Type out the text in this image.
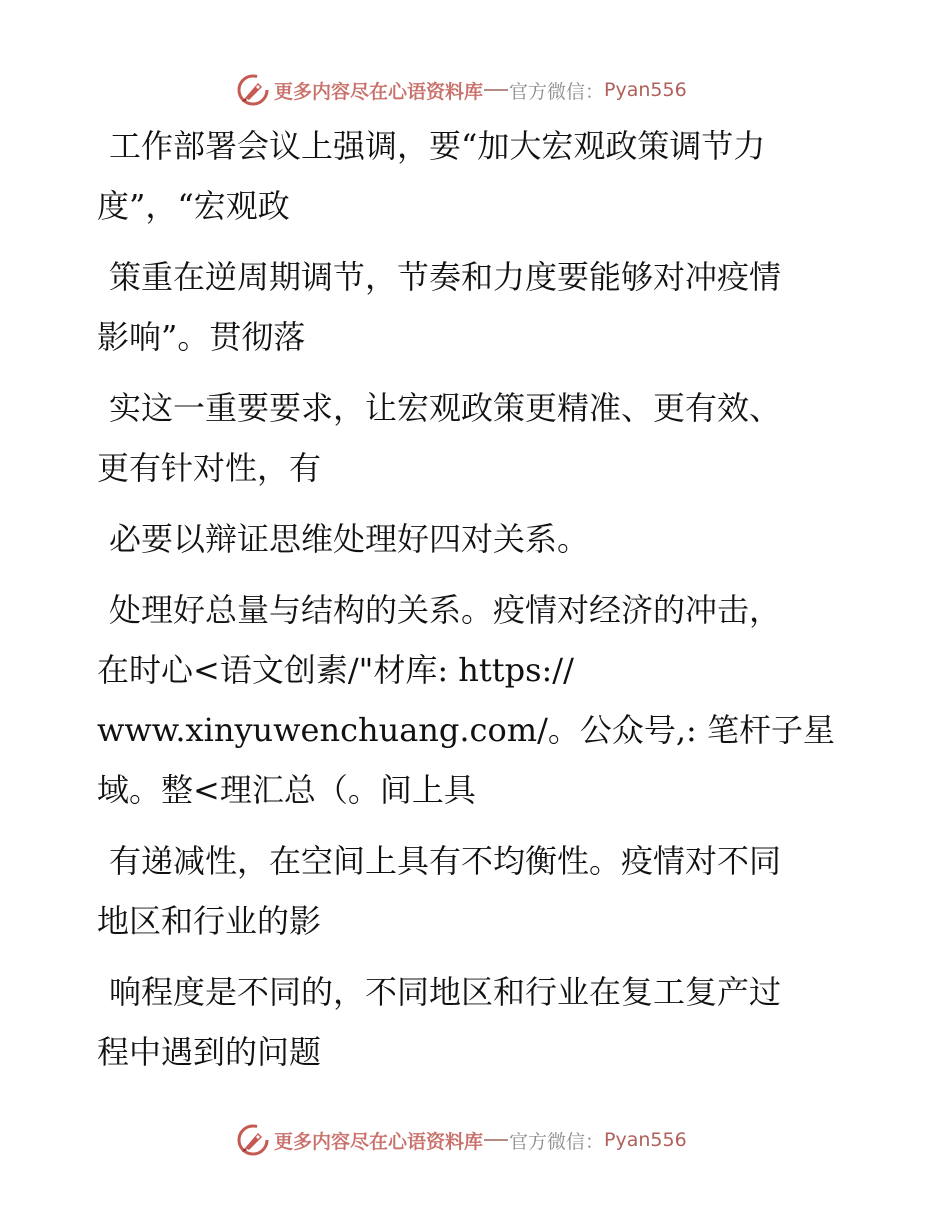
更多内容尽在心语资料库 官方微信： Pyan556
工作部署会议上强调，要“加大宏观政策调节力
度”，“宏观政
策重在逆周期调节，节奏和力度要能够对冲疫情
影响”。贯彻落
实这一重要要求，让宏观政策更精准、更有效、
更有针对性，有
必要以辩证思维处理好四对关系。
处理好总量与结构的关系。疫情对经济的冲击，
在时心<语文创素/"材库: https://
www.xinyuwenchuang.com/。公众号,: 笔杆子星
域。整<理汇总（。间上具
有递减性，在空间上具有不均衡性。疫情对不同
地区和行业的影
响程度是不同的，不同地区和行业在复工复产过
程中遇到的问题
更多内容尽在心语资料库 官方微信： Pyan556
